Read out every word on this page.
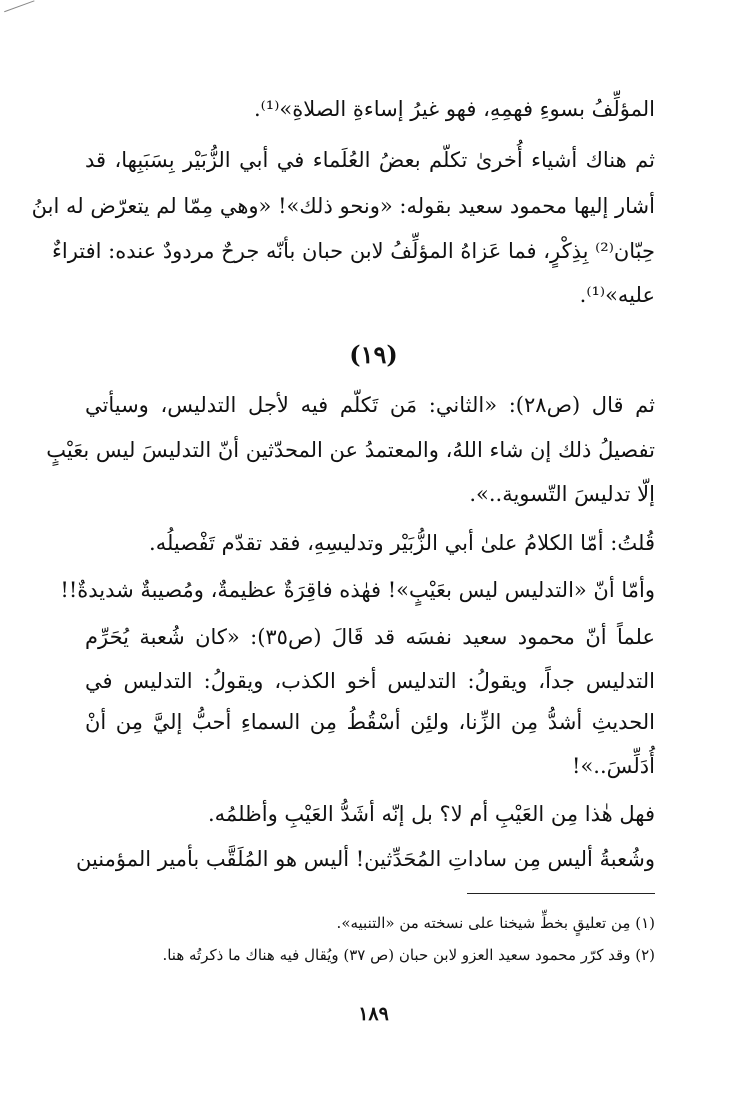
المؤلِّفُ بسوءِ فهمِهِ، فهو غيرُ إساءةِ الصلاةِ»⁽¹⁾.
ثم هناك أشياء أُخرىٰ تكلّم بعضُ العُلَماء في أبي الزُّبَيْر بِسَبَبِها، قد
أشار إليها محمود سعيد بقوله: «ونحو ذلك»! «وهي مِمّا لم يتعرّض له ابنُ
حِبّان⁽²⁾ بِذِكْرٍ، فما عَزاهُ المؤلِّفُ لابن حبان بأنّه جرحٌ مردودٌ عنده: افتراءٌ
عليه»⁽¹⁾.
(١٩)
ثم قال (ص٢٨): «الثاني: مَن تَكلّم فيه لأجل التدليس، وسيأتي
تفصيلُ ذلك إن شاء اللهُ، والمعتمدُ عن المحدّثين أنّ التدليسَ ليس بعَيْبٍ
إلّا تدليسَ التّسوية..».
قُلتُ: أمّا الكلامُ علىٰ أبي الزُّبَيْر وتدليسِهِ، فقد تقدّم تَفْصيلُه.
وأمّا أنّ «التدليس ليس بعَيْبٍ»! فهٰذه فاقِرَةٌ عظيمةٌ، ومُصيبةٌ شديدةٌ!!
علماً أنّ محمود سعيد نفسَه قد قَالَ (ص٣٥): «كان شُعبة يُحَرِّم
التدليس جداً، ويقولُ: التدليس أخو الكذب، ويقولُ: التدليس في
الحديثِ أشدُّ مِن الزِّنا، ولئِن أسْقُطُ مِن السماءِ أحبُّ إليَّ مِن أنْ
أُدَلِّسَ..»!
فهل هٰذا مِن العَيْبِ أم لا؟ بل إنّه أشَدُّ العَيْبِ وأظلمُه.
وشُعبةُ أليس مِن ساداتِ المُحَدِّثين! أليس هو المُلَقَّب بأمير المؤمنين
(١) مِن تعليقٍ بخطِّ شيخنا على نسخته من «التنبيه».
(٢) وقد كرّر محمود سعيد العزو لابن حبان (ص ٣٧) ويُقال فيه هناك ما ذكرتُه هنا.
١٨٩
